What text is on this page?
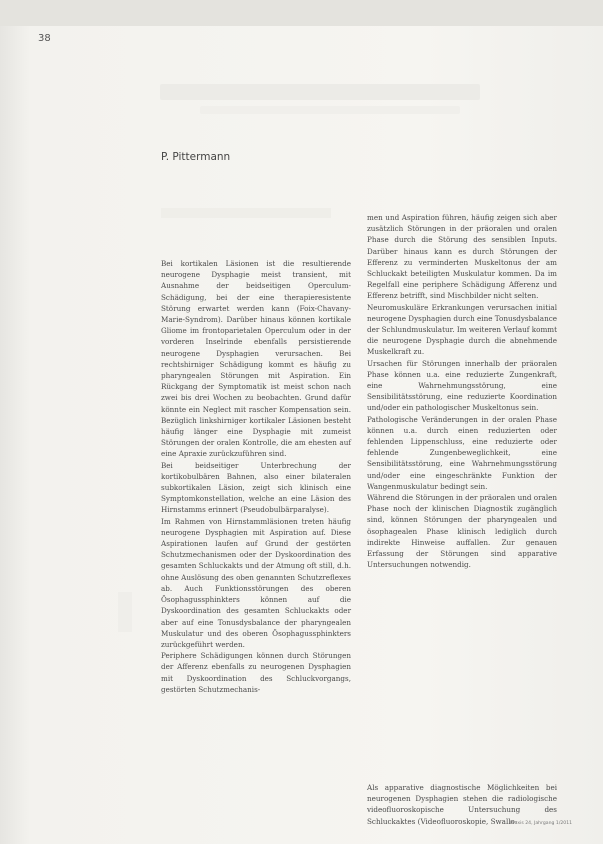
38
P. Pittermann

Bei kortikalen Läsionen ist die resultierende neurogene Dysphagie meist transient, mit Ausnahme der beidseitigen Operculum-Schädigung, bei der eine therapieresistente Störung erwartet werden kann (Foix-Chavany-Marie-Syndrom). Darüber hinaus können kortikale Gliome im frontoparietalen Operculum oder in der vorderen Inselrinde ebenfalls persistierende neurogene Dysphagien verursachen. Bei rechtshirniger Schädigung kommt es häufig zu pharyngealen Störungen mit Aspiration. Ein Rückgang der Symptomatik ist meist schon nach zwei bis drei Wochen zu beobachten. Grund dafür könnte ein Neglect mit rascher Kompensation sein. Bezüglich linkshirniger kortikaler Läsionen besteht häufig länger eine Dysphagie mit zumeist Störungen der oralen Kontrolle, die am ehesten auf eine Apraxie zurückzuführen sind.

Bei beidseitiger Unterbrechung der kortikobulbären Bahnen, also einer bilateralen subkortikalen Läsion, zeigt sich klinisch eine Symptomkonstellation, welche an eine Läsion des Hirnstamms erinnert (Pseudobulbärparalyse).

Im Rahmen von Hirnstammläsionen treten häufig neurogene Dysphagien mit Aspiration auf. Diese Aspirationen laufen auf Grund der gestörten Schutzmechanismen oder der Dyskoordination des gesamten Schluckakts und der Atmung oft still, d.h. ohne Auslösung des oben genannten Schutzreflexes ab. Auch Funktionsstörungen des oberen Ösophagussphinkters können auf die Dyskoordination des gesamten Schluckakts oder aber auf eine Tonusdysbalance der pharyngealen Muskulatur und des oberen Ösophagussphinkters zurückgeführt werden.

Periphere Schädigungen können durch Störungen der Afferenz ebenfalls zu neurogenen Dysphagien mit Dyskoordination des Schluckvorgangs, gestörten Schutzmechanis-

men und Aspiration führen, häufig zeigen sich aber zusätzlich Störungen in der präoralen und oralen Phase durch die Störung des sensiblen Inputs. Darüber hinaus kann es durch Störungen der Efferenz zu verminderten Muskeltonus der am Schluckakt beteiligten Muskulatur kommen. Da im Regelfall eine periphere Schädigung Afferenz und Efferenz betrifft, sind Mischbilder nicht selten.

Neuromuskuläre Erkrankungen verursachen initial neurogene Dysphagien durch eine Tonusdysbalance der Schlundmuskulatur. Im weiteren Verlauf kommt die neurogene Dysphagie durch die abnehmende Muskelkraft zu.

Ursachen für Störungen innerhalb der präoralen Phase können u.a. eine reduzierte Zungenkraft, eine Wahrnehmungsstörung, eine Sensibilitätsstörung, eine reduzierte Koordination und/oder ein pathologischer Muskeltonus sein.

Pathologische Veränderungen in der oralen Phase können u.a. durch einen reduzierten oder fehlenden Lippenschluss, eine reduzierte oder fehlende Zungenbeweglichkeit, eine Sensibilitätsstörung, eine Wahrnehmungsstörung und/oder eine eingeschränkte Funktion der Wangenmuskulatur bedingt sein.

Während die Störungen in der präoralen und oralen Phase noch der klinischen Diagnostik zugänglich sind, können Störungen der pharyngealen und ösophagealen Phase klinisch lediglich durch indirekte Hinweise auffallen. Zur genauen Erfassung der Störungen sind apparative Untersuchungen notwendig.

Als apparative diagnostische Möglichkeiten bei neurogenen Dysphagien stehen die radiologische videofluoroskopische Untersuchung des Schluckaktes (Videofluoroskopie, Swallo-

Praxis 24, Jahrgang 1/2011
